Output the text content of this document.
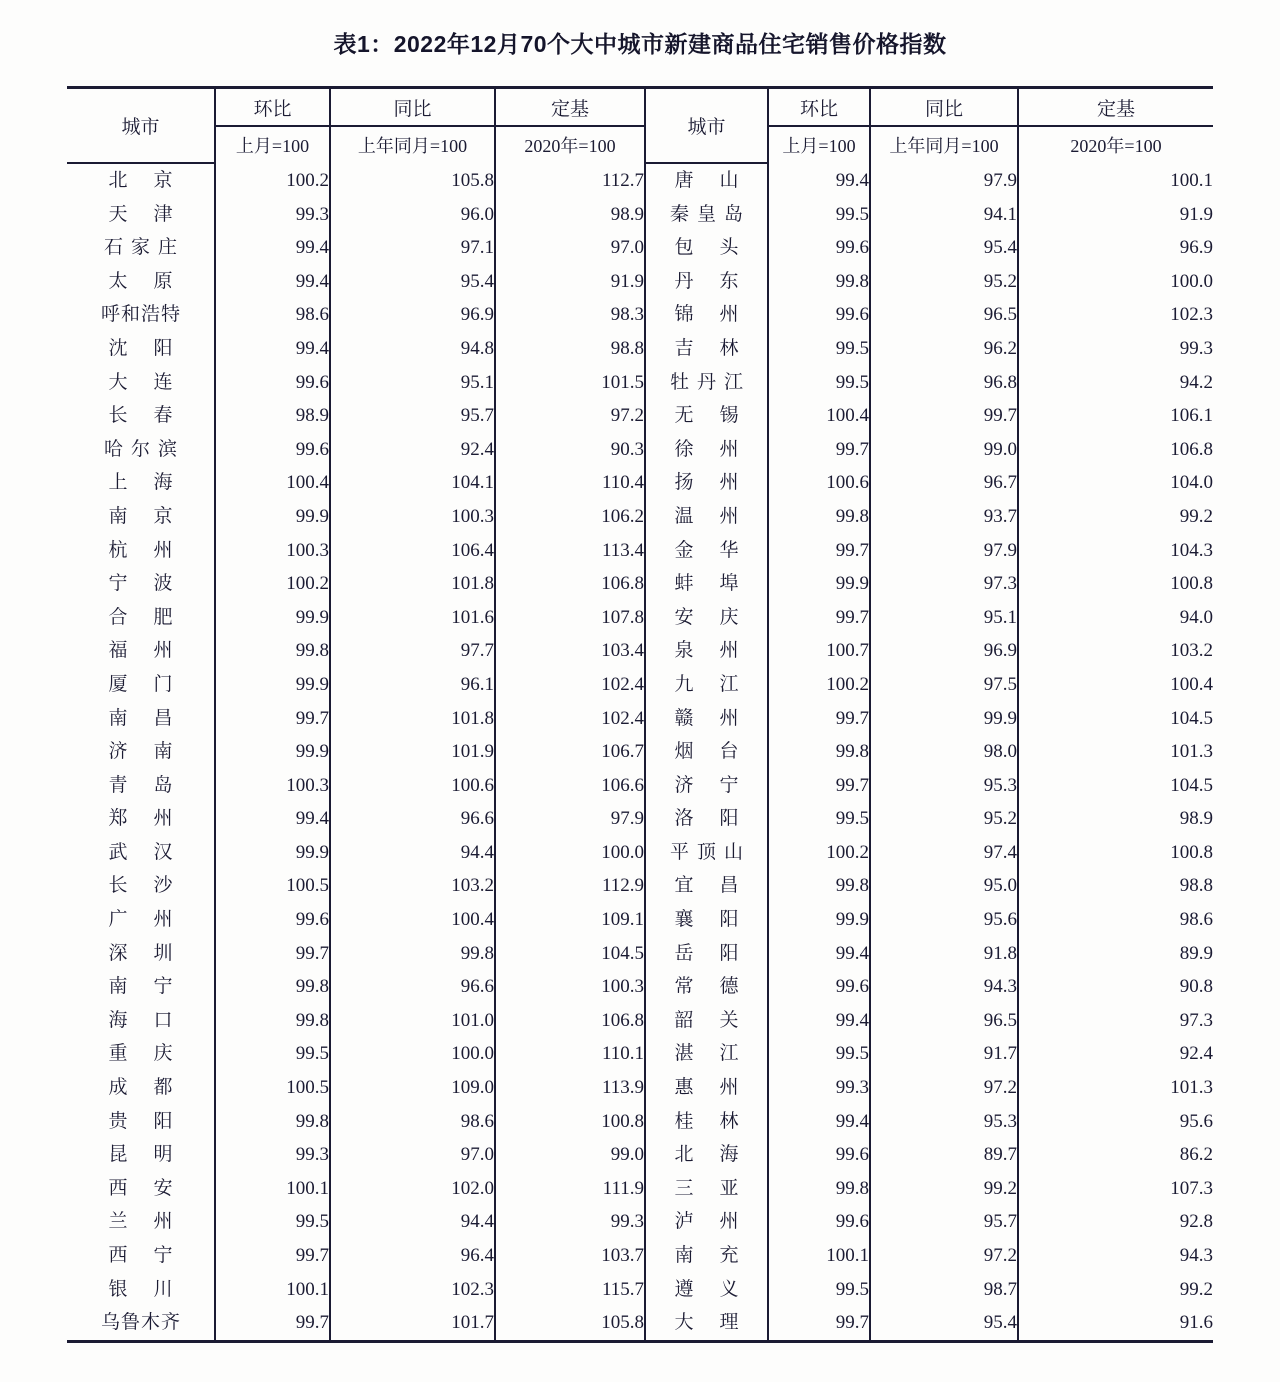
表1：2022年12月70个大中城市新建商品住宅销售价格指数
城市	环比	同比	定基	城市	环比	同比	定基
	上月=100	上年同月=100	2020年=100		上月=100	上年同月=100	2020年=100
北京	100.2	105.8	112.7	唐山	99.4	97.9	100.1
天津	99.3	96.0	98.9	秦皇岛	99.5	94.1	91.9
石家庄	99.4	97.1	97.0	包头	99.6	95.4	96.9
太原	99.4	95.4	91.9	丹东	99.8	95.2	100.0
呼和浩特	98.6	96.9	98.3	锦州	99.6	96.5	102.3
沈阳	99.4	94.8	98.8	吉林	99.5	96.2	99.3
大连	99.6	95.1	101.5	牡丹江	99.5	96.8	94.2
长春	98.9	95.7	97.2	无锡	100.4	99.7	106.1
哈尔滨	99.6	92.4	90.3	徐州	99.7	99.0	106.8
上海	100.4	104.1	110.4	扬州	100.6	96.7	104.0
南京	99.9	100.3	106.2	温州	99.8	93.7	99.2
杭州	100.3	106.4	113.4	金华	99.7	97.9	104.3
宁波	100.2	101.8	106.8	蚌埠	99.9	97.3	100.8
合肥	99.9	101.6	107.8	安庆	99.7	95.1	94.0
福州	99.8	97.7	103.4	泉州	100.7	96.9	103.2
厦门	99.9	96.1	102.4	九江	100.2	97.5	100.4
南昌	99.7	101.8	102.4	赣州	99.7	99.9	104.5
济南	99.9	101.9	106.7	烟台	99.8	98.0	101.3
青岛	100.3	100.6	106.6	济宁	99.7	95.3	104.5
郑州	99.4	96.6	97.9	洛阳	99.5	95.2	98.9
武汉	99.9	94.4	100.0	平顶山	100.2	97.4	100.8
长沙	100.5	103.2	112.9	宜昌	99.8	95.0	98.8
广州	99.6	100.4	109.1	襄阳	99.9	95.6	98.6
深圳	99.7	99.8	104.5	岳阳	99.4	91.8	89.9
南宁	99.8	96.6	100.3	常德	99.6	94.3	90.8
海口	99.8	101.0	106.8	韶关	99.4	96.5	97.3
重庆	99.5	100.0	110.1	湛江	99.5	91.7	92.4
成都	100.5	109.0	113.9	惠州	99.3	97.2	101.3
贵阳	99.8	98.6	100.8	桂林	99.4	95.3	95.6
昆明	99.3	97.0	99.0	北海	99.6	89.7	86.2
西安	100.1	102.0	111.9	三亚	99.8	99.2	107.3
兰州	99.5	94.4	99.3	泸州	99.6	95.7	92.8
西宁	99.7	96.4	103.7	南充	100.1	97.2	94.3
银川	100.1	102.3	115.7	遵义	99.5	98.7	99.2
乌鲁木齐	99.7	101.7	105.8	大理	99.7	95.4	91.6
